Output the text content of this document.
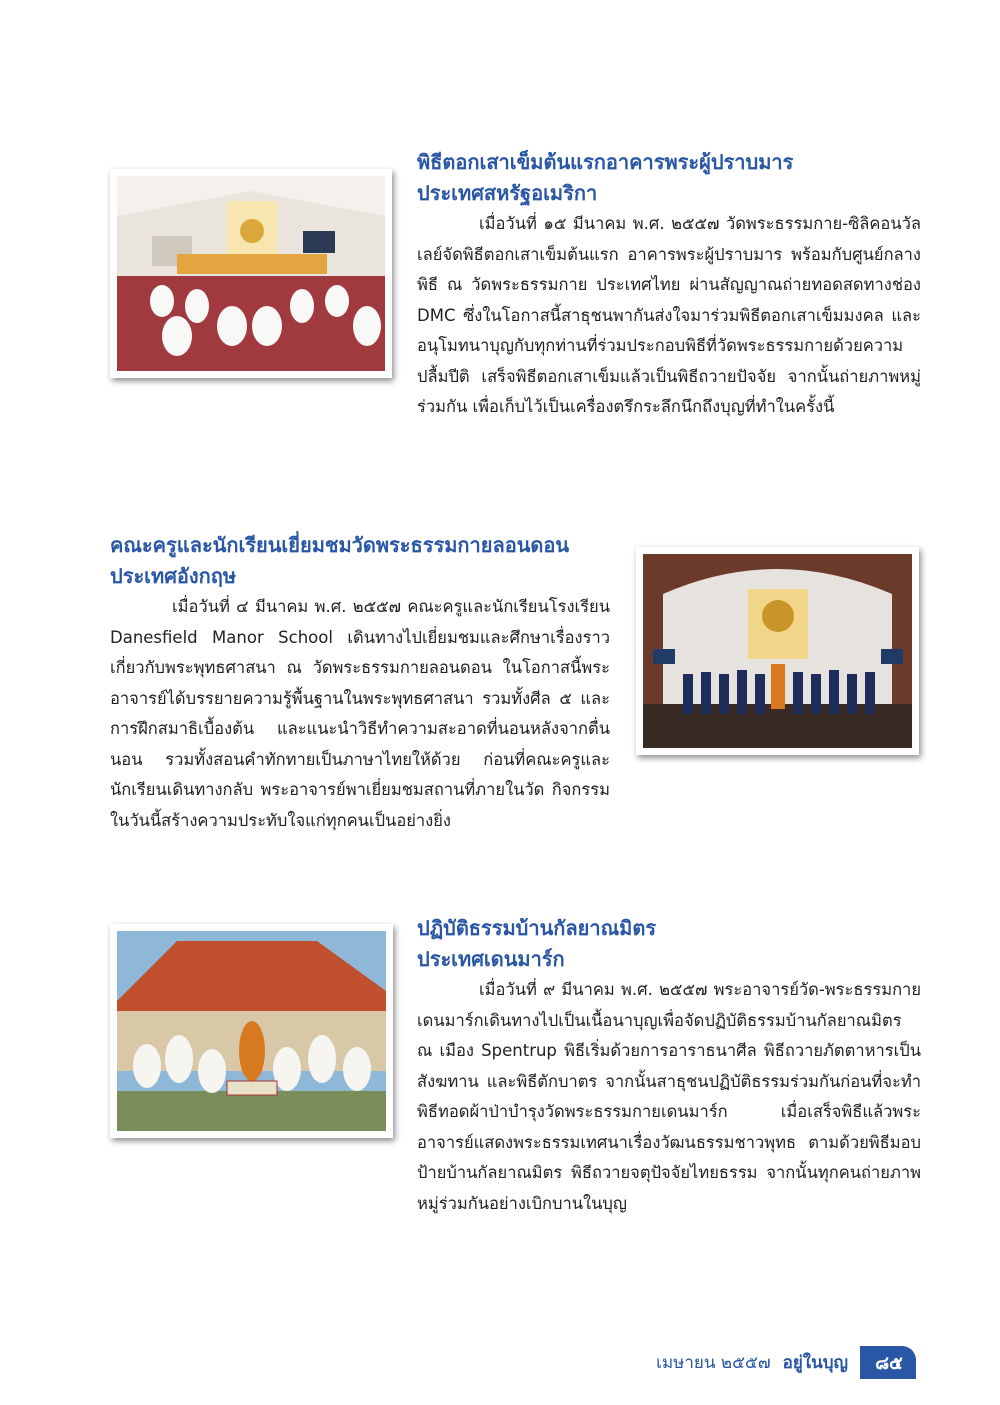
พิธีตอกเสาเข็มต้นแรกอาคารพระผู้ปราบมาร
ประเทศสหรัฐอเมริกา

เมื่อวันที่ ๑๕ มีนาคม พ.ศ. ๒๕๕๗ วัดพระธรรมกาย-ซิลิคอนวัลเลย์จัดพิธีตอกเสาเข็มต้นแรก อาคารพระผู้ปราบมาร พร้อมกับศูนย์กลางพิธี ณ วัดพระธรรมกาย ประเทศไทย ผ่านสัญญาณถ่ายทอดสดทางช่อง DMC ซึ่งในโอกาสนี้สาธุชนพากันส่งใจมาร่วมพิธีตอกเสาเข็มมงคล และอนุโมทนาบุญกับทุกท่านที่ร่วมประกอบพิธีที่วัดพระธรรมกายด้วยความปลื้มปีติ เสร็จพิธีตอกเสาเข็มแล้วเป็นพิธีถวายปัจจัย จากนั้นถ่ายภาพหมู่ร่วมกัน เพื่อเก็บไว้เป็นเครื่องตรึกระลึกนึกถึงบุญที่ทำในครั้งนี้

คณะครูและนักเรียนเยี่ยมชมวัดพระธรรมกายลอนดอน
ประเทศอังกฤษ

เมื่อวันที่ ๔ มีนาคม พ.ศ. ๒๕๕๗ คณะครูและนักเรียนโรงเรียน Danesfield Manor School เดินทางไปเยี่ยมชมและศึกษาเรื่องราวเกี่ยวกับพระพุทธศาสนา ณ วัดพระธรรมกายลอนดอน ในโอกาสนี้พระอาจารย์ได้บรรยายความรู้พื้นฐานในพระพุทธศาสนา รวมทั้งศีล ๕ และการฝึกสมาธิเบื้องต้น และแนะนำวิธีทำความสะอาดที่นอนหลังจากตื่นนอน รวมทั้งสอนคำทักทายเป็นภาษาไทยให้ด้วย ก่อนที่คณะครูและนักเรียนเดินทางกลับ พระอาจารย์พาเยี่ยมชมสถานที่ภายในวัด กิจกรรมในวันนี้สร้างความประทับใจแก่ทุกคนเป็นอย่างยิ่ง

ปฏิบัติธรรมบ้านกัลยาณมิตร
ประเทศเดนมาร์ก

เมื่อวันที่ ๙ มีนาคม พ.ศ. ๒๕๕๗ พระอาจารย์วัด-พระธรรมกายเดนมาร์กเดินทางไปเป็นเนื้อนาบุญเพื่อจัดปฏิบัติธรรมบ้านกัลยาณมิตร ณ เมือง Spentrup พิธีเริ่มด้วยการอาราธนาศีล พิธีถวายภัตตาหารเป็นสังฆทาน และพิธีตักบาตร จากนั้นสาธุชนปฏิบัติธรรมร่วมกันก่อนที่จะทำพิธีทอดผ้าป่าบำรุงวัดพระธรรมกายเดนมาร์ก เมื่อเสร็จพิธีแล้วพระอาจารย์แสดงพระธรรมเทศนาเรื่องวัฒนธรรมชาวพุทธ ตามด้วยพิธีมอบป้ายบ้านกัลยาณมิตร พิธีถวายจตุปัจจัยไทยธรรม จากนั้นทุกคนถ่ายภาพหมู่ร่วมกันอย่างเบิกบานในบุญ

เมษายน ๒๕๕๗ อยู่ในบุญ	๘๕
